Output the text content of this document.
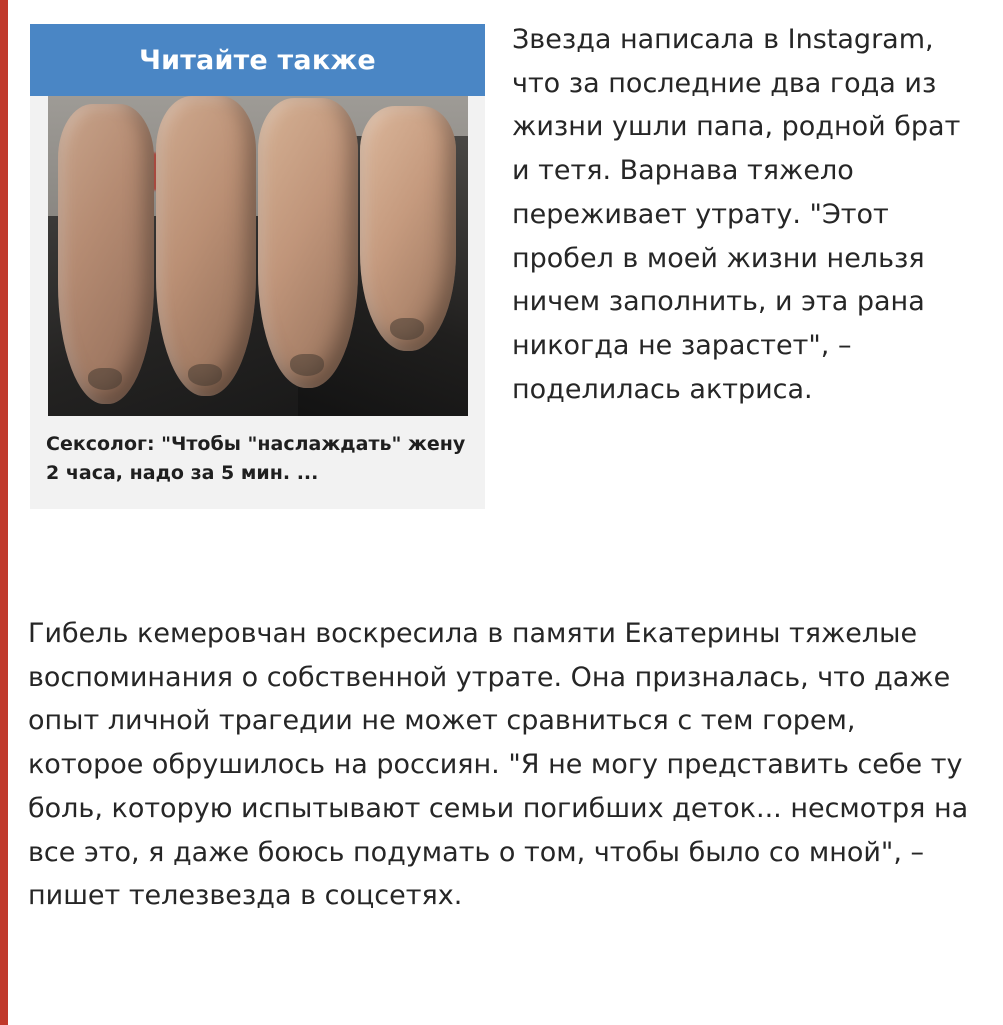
Читайте также
Сексолог: "Чтобы "наслаждать" жену 2 часа, надо за 5 мин. ...
Звезда написала в Instagram, что за последние два года из жизни ушли папа, родной брат и тетя. Варнава тяжело переживает утрату. "Этот пробел в моей жизни нельзя ничем заполнить, и эта рана никогда не зарастет", – поделилась актриса.
Гибель кемеровчан воскресила в памяти Екатерины тяжелые воспоминания о собственной утрате. Она призналась, что даже опыт личной трагедии не может сравниться с тем горем, которое обрушилось на россиян. "Я не могу представить себе ту боль, которую испытывают семьи погибших деток... несмотря на все это, я даже боюсь подумать о том, чтобы было со мной", – пишет телезвезда в соцсетях.
